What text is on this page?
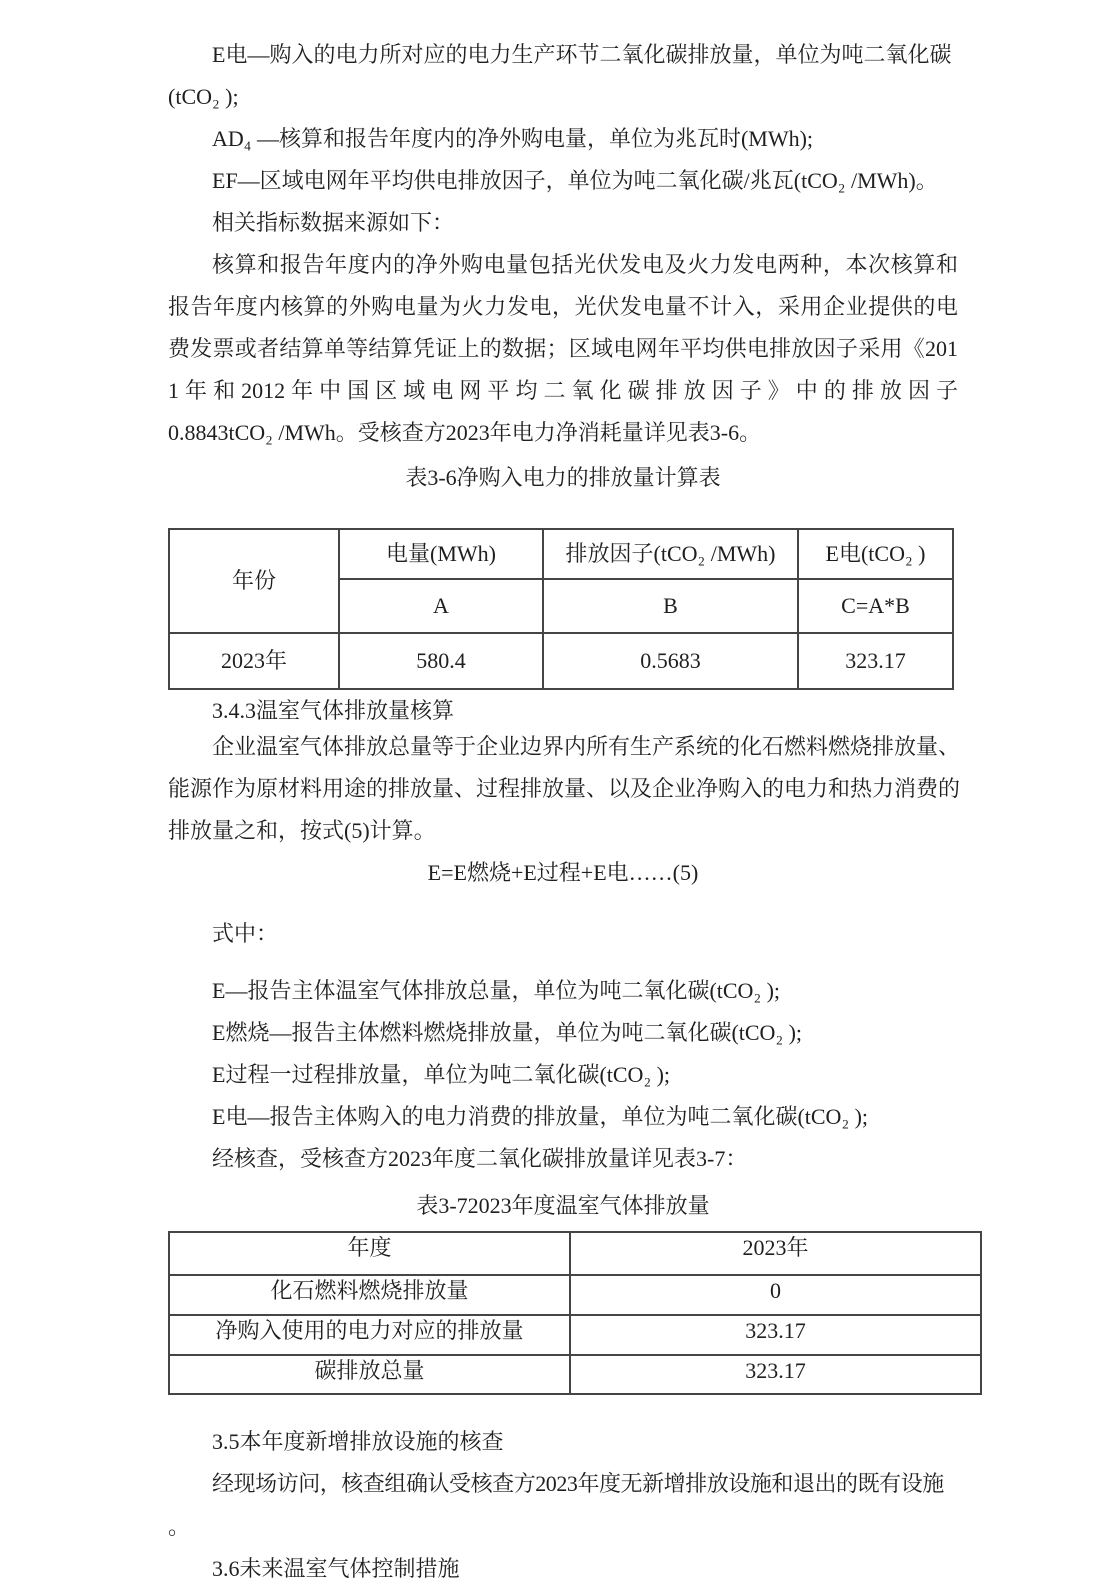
E电—购入的电力所对应的电力生产环节二氧化碳排放量，单位为吨二氧化碳
(tCO₂ );
AD₄ —核算和报告年度内的净外购电量，单位为兆瓦时(MWh);
EF—区域电网年平均供电排放因子，单位为吨二氧化碳/兆瓦(tCO₂ /MWh)。
相关指标数据来源如下：
核算和报告年度内的净外购电量包括光伏发电及火力发电两种，本次核算和
报告年度内核算的外购电量为火力发电，光伏发电量不计入，采用企业提供的电
费发票或者结算单等结算凭证上的数据；区域电网年平均供电排放因子采用《201
1年和2012年中国区域电网平均二氧化碳排放因子》中的排放因子
0.8843tCO₂ /MWh。受核查方2023年电力净消耗量详见表3-6。
表3-6净购入电力的排放量计算表
年份	电量(MWh)	排放因子(tCO₂ /MWh)	E电(tCO₂ )
	A	B	C=A*B
2023年	580.4	0.5683	323.17
3.4.3温室气体排放量核算
企业温室气体排放总量等于企业边界内所有生产系统的化石燃料燃烧排放量、
能源作为原材料用途的排放量、过程排放量、以及企业净购入的电力和热力消费的
排放量之和，按式(5)计算。
E=E燃烧+E过程+E电……(5)
式中：
E—报告主体温室气体排放总量，单位为吨二氧化碳(tCO₂ );
E燃烧—报告主体燃料燃烧排放量，单位为吨二氧化碳(tCO₂ );
E过程一过程排放量，单位为吨二氧化碳(tCO₂ );
E电—报告主体购入的电力消费的排放量，单位为吨二氧化碳(tCO₂ );
经核查，受核查方2023年度二氧化碳排放量详见表3-7：
表3-72023年度温室气体排放量
年度	2023年
化石燃料燃烧排放量	0
净购入使用的电力对应的排放量	323.17
碳排放总量	323.17
3.5本年度新增排放设施的核查
经现场访问，核查组确认受核查方2023年度无新增排放设施和退出的既有设施
。
3.6未来温室气体控制措施
